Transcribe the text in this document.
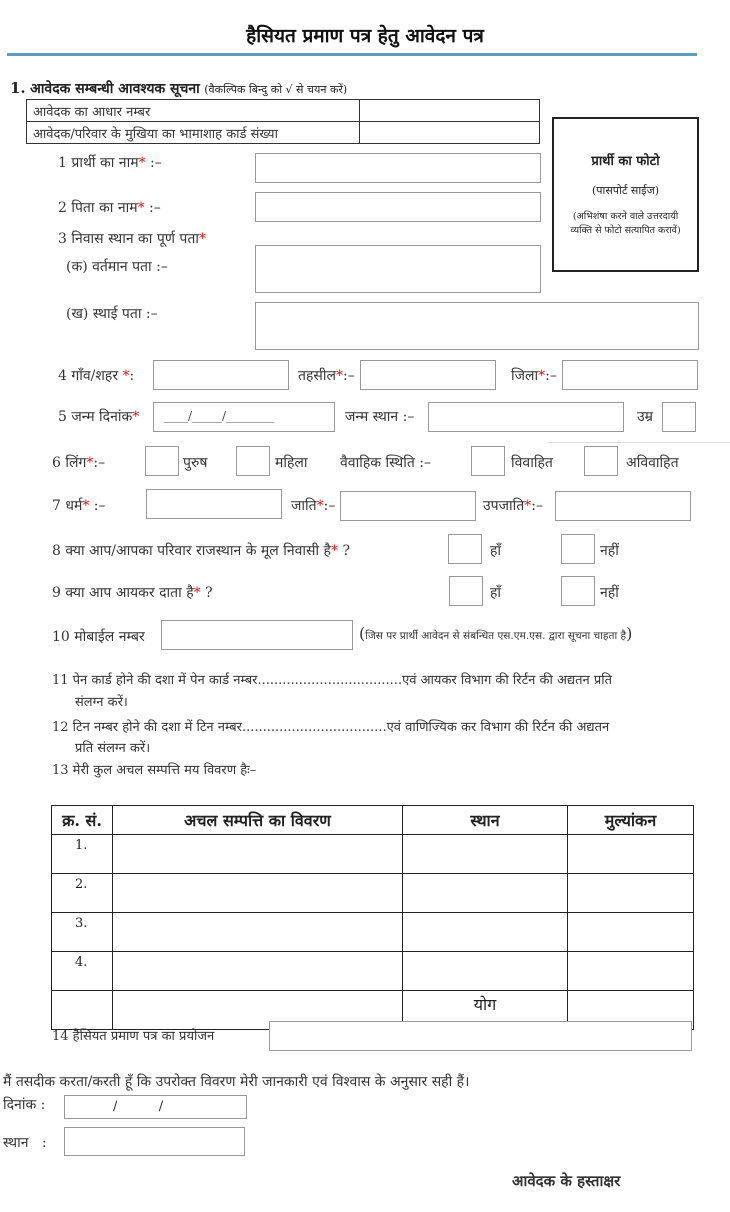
हैसियत प्रमाण पत्र हेतु आवेदन पत्र
1. आवेदक सम्बन्धी आवश्यक सूचना (वैकल्पिक बिन्दु को √ से चयन करें)
आवेदक का आधार नम्बर	
आवेदक/परिवार के मुखिया का भामाशाह कार्ड संख्या	
प्रार्थी का फोटो
(पासपोर्ट साईज)
(अभिशंषा करने वाले उत्तरदायी व्यक्ति से फोटो सत्यापित करावें)
1 प्रार्थी का नाम* :–
2 पिता का नाम* :–
3 निवास स्थान का पूर्ण पता*
(क) वर्तमान पता :–
(ख) स्थाई पता :–
4 गाँव/शहर *:	तहसील*:–	जिला*:–
5 जन्म दिनांक*	____/_____/________	जन्म स्थान :–	उम्र
6 लिंग*:–	पुरुष	महिला वैवाहिक स्थिति :–	विवाहित	अविवाहित
7 धर्म* :–	जाति*:–	उपजाति*:–
8 क्या आप/आपका परिवार राजस्थान के मूल निवासी है* ?	हाँ	नहीं
9 क्या आप आयकर दाता है* ?	हाँ	नहीं
10 मोबाईल नम्बर	(जिस पर प्रार्थी आवेदन से संबन्धित एस.एम.एस. द्वारा सूचना चाहता है)
11 पेन कार्ड होने की दशा में पेन कार्ड नम्बर...................................एवं आयकर विभाग की रिर्टन की अद्यतन प्रति
संलग्न करें।
12 टिन नम्बर होने की दशा में टिन नम्बर...................................एवं वाणिज्यिक कर विभाग की रिर्टन की अद्यतन
प्रति संलग्न करें।
13 मेरी कुल अचल सम्पत्ति मय विवरण हैः–
क्र. सं.	अचल सम्पत्ति का विवरण	स्थान	मुल्यांकन
1.			
2.			
3.			
4.			
		योग	
14 हैसियत प्रमाण पत्र का प्रयोजन
मैं तसदीक करता/करती हूँ कि उपरोक्त विवरण मेरी जानकारी एवं विश्वास के अनुसार सही हैं।
दिनांक :	/          /
स्थान   :
आवेदक के हस्ताक्षर
